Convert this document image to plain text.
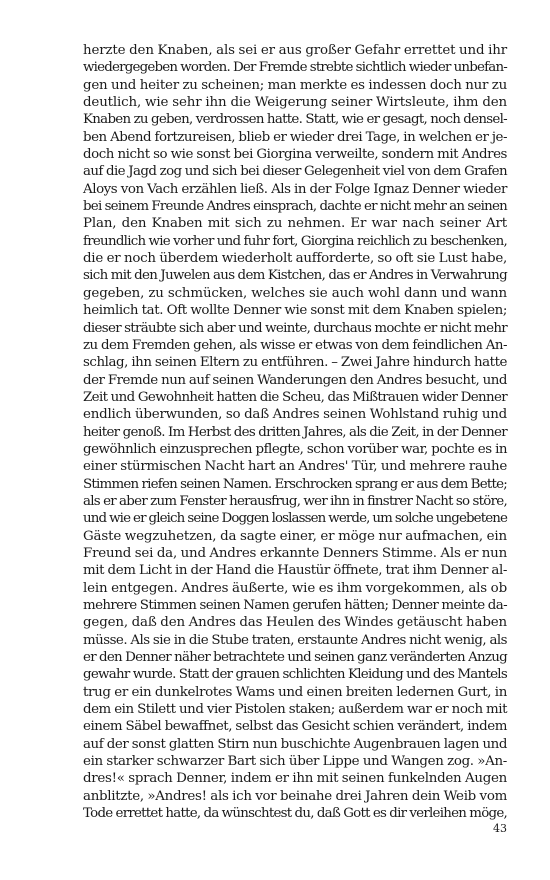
herzte den Knaben, als sei er aus großer Gefahr errettet und ihr
wiedergegeben worden. Der Fremde strebte sichtlich wieder unbefan-
gen und heiter zu scheinen; man merkte es indessen doch nur zu
deutlich, wie sehr ihn die Weigerung seiner Wirtsleute, ihm den
Knaben zu geben, verdrossen hatte. Statt, wie er gesagt, noch densel-
ben Abend fortzureisen, blieb er wieder drei Tage, in welchen er je-
doch nicht so wie sonst bei Giorgina verweilte, sondern mit Andres
auf die Jagd zog und sich bei dieser Gelegenheit viel von dem Grafen
Aloys von Vach erzählen ließ. Als in der Folge Ignaz Denner wieder
bei seinem Freunde Andres einsprach, dachte er nicht mehr an seinen
Plan, den Knaben mit sich zu nehmen. Er war nach seiner Art
freundlich wie vorher und fuhr fort, Giorgina reichlich zu beschenken,
die er noch überdem wiederholt aufforderte, so oft sie Lust habe,
sich mit den Juwelen aus dem Kistchen, das er Andres in Verwahrung
gegeben, zu schmücken, welches sie auch wohl dann und wann
heimlich tat. Oft wollte Denner wie sonst mit dem Knaben spielen;
dieser sträubte sich aber und weinte, durchaus mochte er nicht mehr
zu dem Fremden gehen, als wisse er etwas von dem feindlichen An-
schlag, ihn seinen Eltern zu entführen. – Zwei Jahre hindurch hatte
der Fremde nun auf seinen Wanderungen den Andres besucht, und
Zeit und Gewohnheit hatten die Scheu, das Mißtrauen wider Denner
endlich überwunden, so daß Andres seinen Wohlstand ruhig und
heiter genoß. Im Herbst des dritten Jahres, als die Zeit, in der Denner
gewöhnlich einzusprechen pflegte, schon vorüber war, pochte es in
einer stürmischen Nacht hart an Andres' Tür, und mehrere rauhe
Stimmen riefen seinen Namen. Erschrocken sprang er aus dem Bette;
als er aber zum Fenster herausfrug, wer ihn in finstrer Nacht so störe,
und wie er gleich seine Doggen loslassen werde, um solche ungebetene
Gäste wegzuhetzen, da sagte einer, er möge nur aufmachen, ein
Freund sei da, und Andres erkannte Denners Stimme. Als er nun
mit dem Licht in der Hand die Haustür öffnete, trat ihm Denner al-
lein entgegen. Andres äußerte, wie es ihm vorgekommen, als ob
mehrere Stimmen seinen Namen gerufen hätten; Denner meinte da-
gegen, daß den Andres das Heulen des Windes getäuscht haben
müsse. Als sie in die Stube traten, erstaunte Andres nicht wenig, als
er den Denner näher betrachtete und seinen ganz veränderten Anzug
gewahr wurde. Statt der grauen schlichten Kleidung und des Mantels
trug er ein dunkelrotes Wams und einen breiten ledernen Gurt, in
dem ein Stilett und vier Pistolen staken; außerdem war er noch mit
einem Säbel bewaffnet, selbst das Gesicht schien verändert, indem
auf der sonst glatten Stirn nun buschichte Augenbrauen lagen und
ein starker schwarzer Bart sich über Lippe und Wangen zog. »An-
dres!« sprach Denner, indem er ihn mit seinen funkelnden Augen
anblitzte, »Andres! als ich vor beinahe drei Jahren dein Weib vom
Tode errettet hatte, da wünschtest du, daß Gott es dir verleihen möge,
43
